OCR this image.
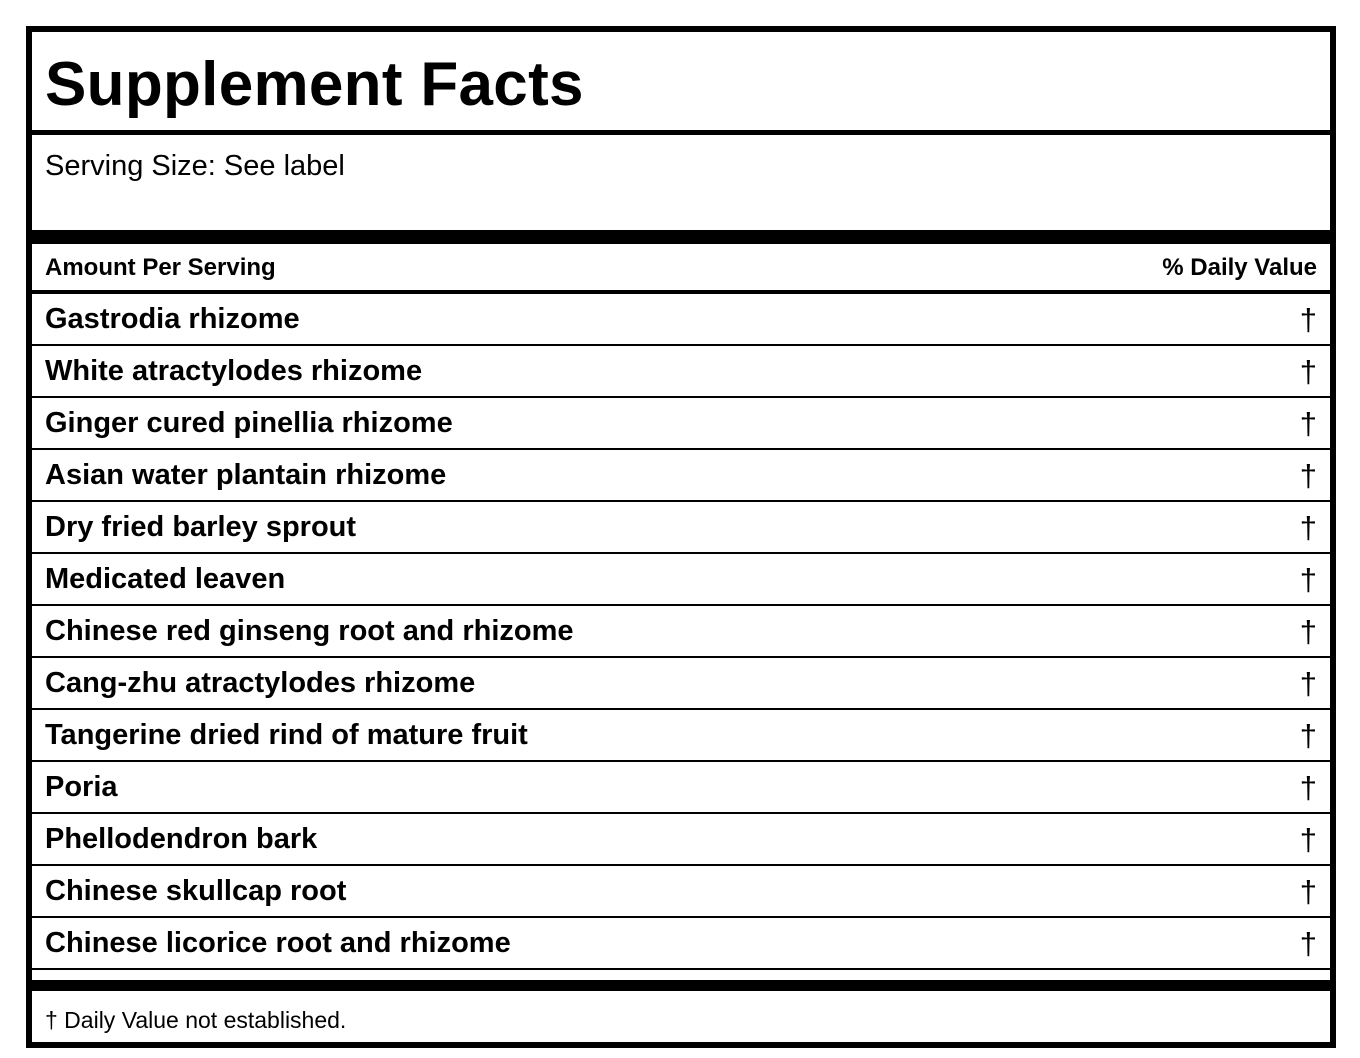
Supplement Facts
Serving Size: See label
Amount Per Serving	% Daily Value
Gastrodia rhizome	†
White atractylodes rhizome	†
Ginger cured pinellia rhizome	†
Asian water plantain rhizome	†
Dry fried barley sprout	†
Medicated leaven	†
Chinese red ginseng root and rhizome	†
Cang-zhu atractylodes rhizome	†
Tangerine dried rind of mature fruit	†
Poria	†
Phellodendron bark	†
Chinese skullcap root	†
Chinese licorice root and rhizome	†
† Daily Value not established.
